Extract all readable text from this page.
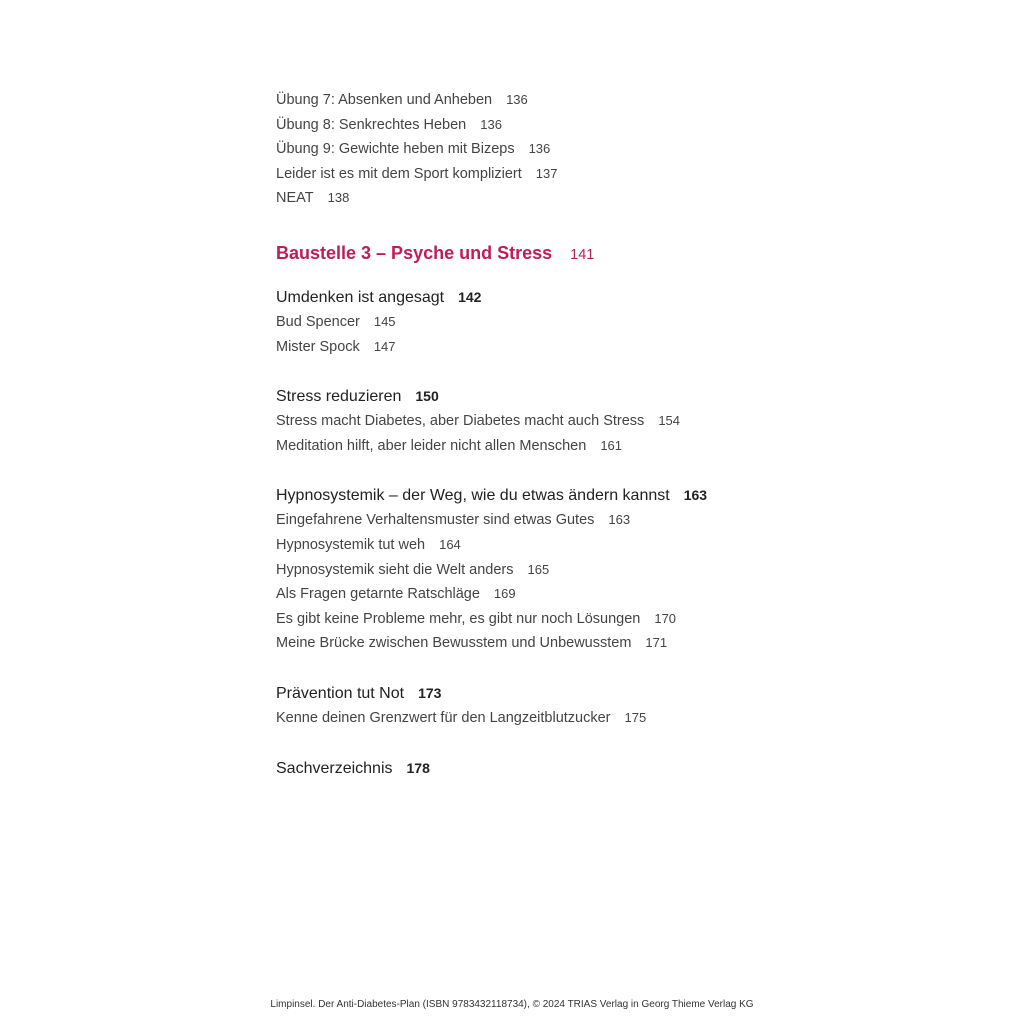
Übung 7: Absenken und Anheben 136
Übung 8: Senkrechtes Heben 136
Übung 9: Gewichte heben mit Bizeps 136
Leider ist es mit dem Sport kompliziert 137
NEAT 138
Baustelle 3 – Psyche und Stress 141
Umdenken ist angesagt 142
Bud Spencer 145
Mister Spock 147
Stress reduzieren 150
Stress macht Diabetes, aber Diabetes macht auch Stress 154
Meditation hilft, aber leider nicht allen Menschen 161
Hypnosystemik – der Weg, wie du etwas ändern kannst 163
Eingefahrene Verhaltensmuster sind etwas Gutes 163
Hypnosystemik tut weh 164
Hypnosystemik sieht die Welt anders 165
Als Fragen getarnte Ratschläge 169
Es gibt keine Probleme mehr, es gibt nur noch Lösungen 170
Meine Brücke zwischen Bewusstem und Unbewusstem 171
Prävention tut Not 173
Kenne deinen Grenzwert für den Langzeitblutzucker 175
Sachverzeichnis 178
Limpinsel. Der Anti-Diabetes-Plan (ISBN 9783432118734), © 2024 TRIAS Verlag in Georg Thieme Verlag KG
